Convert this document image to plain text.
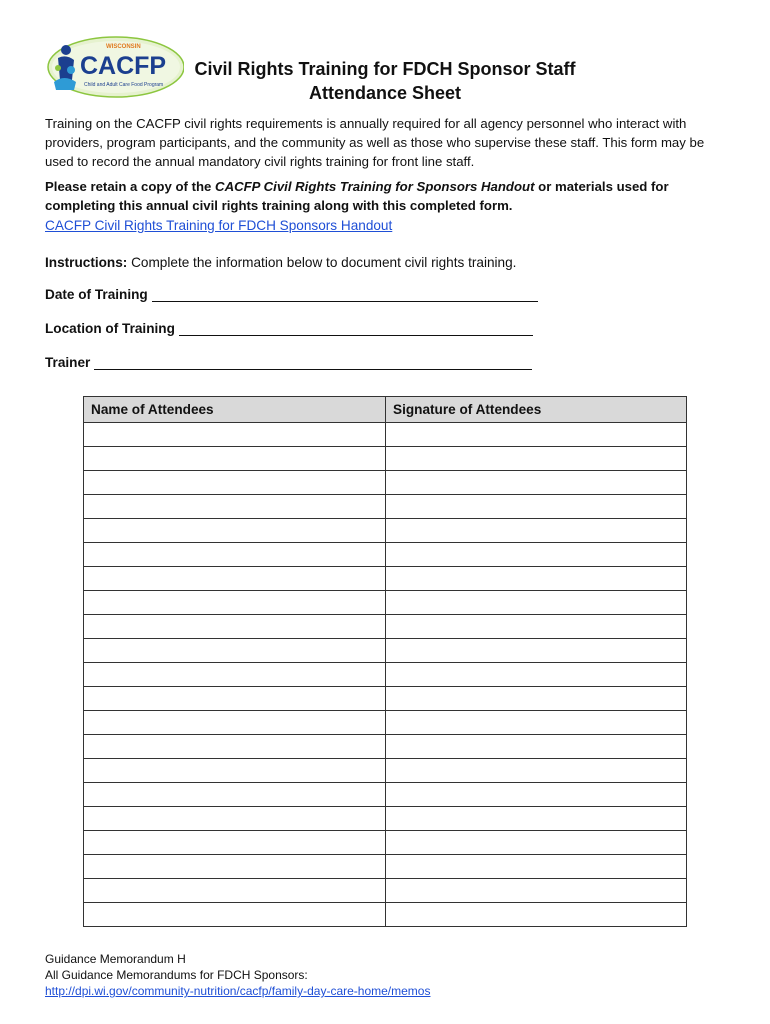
WISCONSIN
CACFP
Child and Adult Care Food Program
Civil Rights Training for FDCH Sponsor Staff
Attendance Sheet
Training on the CACFP civil rights requirements is annually required for all agency personnel who interact with providers, program participants, and the community as well as those who supervise these staff. This form may be used to record the annual mandatory civil rights training for front line staff.
Please retain a copy of the CACFP Civil Rights Training for Sponsors Handout or materials used for completing this annual civil rights training along with this completed form.
CACFP Civil Rights Training for FDCH Sponsors Handout
Instructions: Complete the information below to document civil rights training.
Date of Training
Location of Training
Trainer
Name of Attendees	Signature of Attendees

Guidance Memorandum H
All Guidance Memorandums for FDCH Sponsors:
http://dpi.wi.gov/community-nutrition/cacfp/family-day-care-home/memos
